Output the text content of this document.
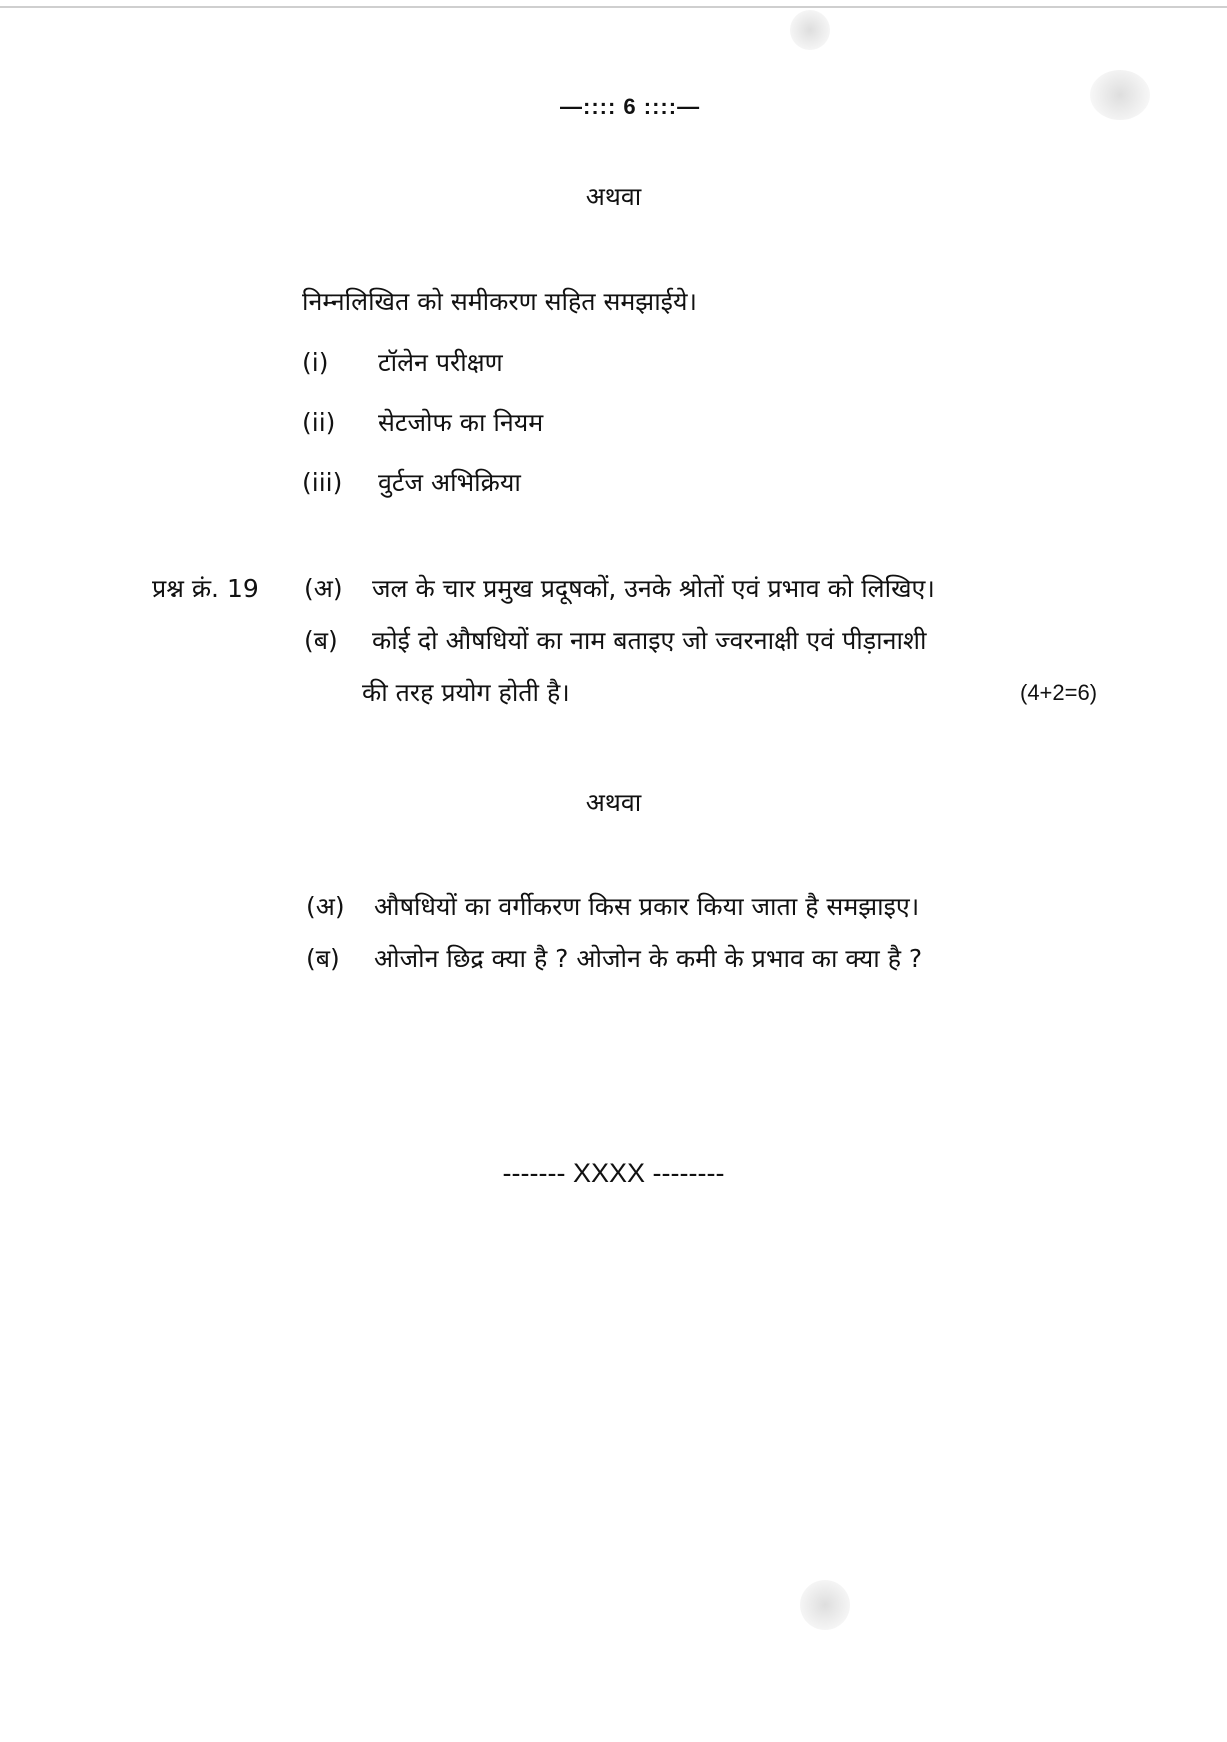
—:::: 6 ::::—
अथवा
निम्नलिखित को समीकरण सहित समझाईये।
(i) टॉलेन परीक्षण
(ii) सेटजोफ का नियम
(iii) वुर्टज अभिक्रिया
प्रश्न क्रं. 19 (अ) जल के चार प्रमुख प्रदूषकों, उनके श्रोतों एवं प्रभाव को लिखिए।
(ब) कोई दो औषधियों का नाम बताइए जो ज्वरनाक्षी एवं पीड़ानाशी
की तरह प्रयोग होती है।	(4+2=6)
अथवा
(अ) औषधियों का वर्गीकरण किस प्रकार किया जाता है समझाइए।
(ब) ओजोन छिद्र क्या है ? ओजोन के कमी के प्रभाव का क्या है ?
------- XXXX --------
